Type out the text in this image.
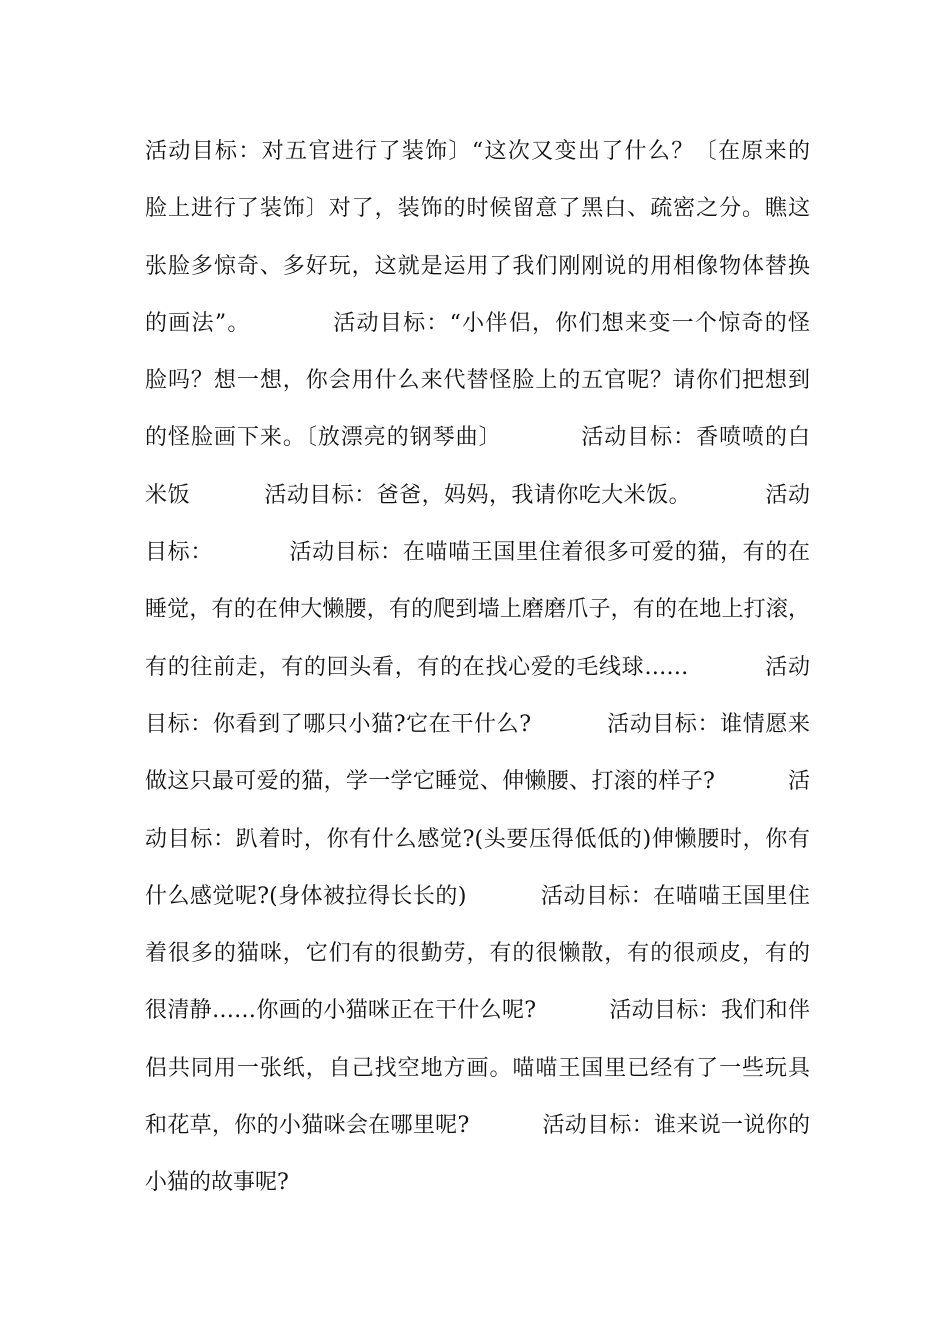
活动目标：对五官进行了装饰〕“这次又变出了什么？〔在原来的
脸上进行了装饰〕对了，装饰的时候留意了黑白、疏密之分。瞧这
张脸多惊奇、多好玩，这就是运用了我们刚刚说的用相像物体替换
的画法”。          活动目标：“小伴侣，你们想来变一个惊奇的怪
脸吗？想一想，你会用什么来代替怪脸上的五官呢？请你们把想到
的怪脸画下来。〔放漂亮的钢琴曲〕          活动目标：香喷喷的白
米饭          活动目标：爸爸，妈妈，我请你吃大米饭。          活动
目标：          活动目标：在喵喵王国里住着很多可爱的猫，有的在
睡觉，有的在伸大懒腰，有的爬到墙上磨磨爪子，有的在地上打滚，
有的往前走，有的回头看，有的在找心爱的毛线球……          活动
目标：你看到了哪只小猫?它在干什么?          活动目标：谁情愿来
做这只最可爱的猫，学一学它睡觉、伸懒腰、打滚的样子?          活
动目标：趴着时，你有什么感觉?(头要压得低低的)伸懒腰时，你有
什么感觉呢?(身体被拉得长长的)          活动目标：在喵喵王国里住
着很多的猫咪，它们有的很勤劳，有的很懒散，有的很顽皮，有的
很清静……你画的小猫咪正在干什么呢?          活动目标：我们和伴
侣共同用一张纸，自己找空地方画。喵喵王国里已经有了一些玩具
和花草，你的小猫咪会在哪里呢?          活动目标：谁来说一说你的
小猫的故事呢?
